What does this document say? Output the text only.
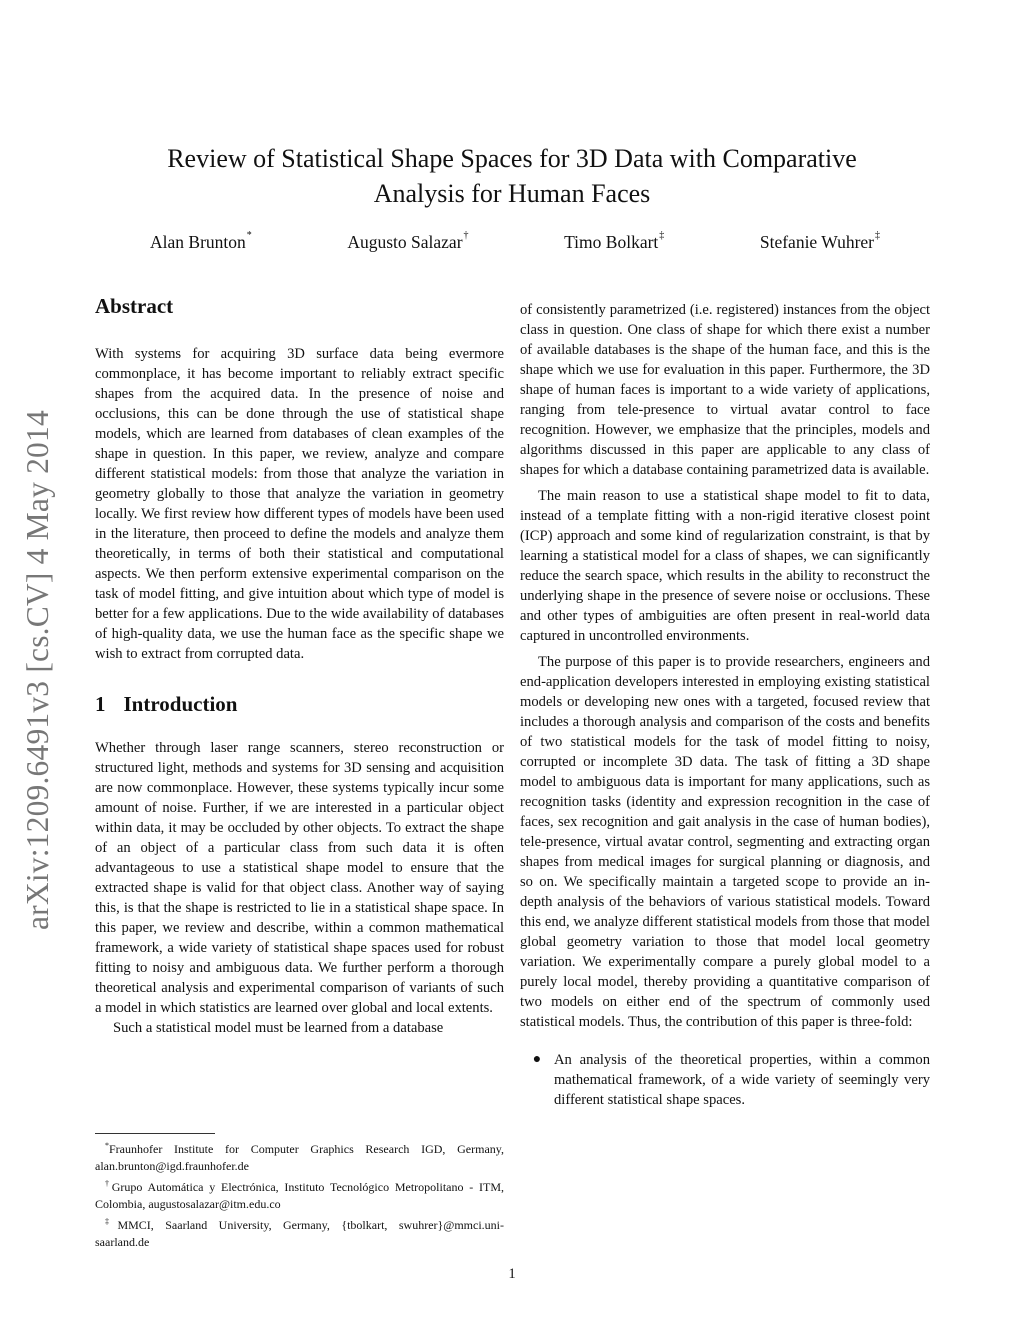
arXiv:1209.6491v3 [cs.CV] 4 May 2014
Review of Statistical Shape Spaces for 3D Data with Comparative
Analysis for Human Faces
Alan Brunton*	Augusto Salazar†	Timo Bolkart‡	Stefanie Wuhrer‡
Abstract

With systems for acquiring 3D surface data being evermore commonplace, it has become important to reliably extract specific shapes from the acquired data. In the presence of noise and occlusions, this can be done through the use of statistical shape models, which are learned from databases of clean examples of the shape in question. In this paper, we review, analyze and compare different statistical models: from those that analyze the variation in geometry globally to those that analyze the variation in geometry locally. We first review how different types of models have been used in the literature, then proceed to define the models and analyze them theoretically, in terms of both their statistical and computational aspects. We then perform extensive experimental comparison on the task of model fitting, and give intuition about which type of model is better for a few applications. Due to the wide availability of databases of high-quality data, we use the human face as the specific shape we wish to extract from corrupted data.

1 Introduction

Whether through laser range scanners, stereo reconstruction or structured light, methods and systems for 3D sensing and acquisition are now commonplace. However, these systems typically incur some amount of noise. Further, if we are interested in a particular object within data, it may be occluded by other objects. To extract the shape of an object of a particular class from such data it is often advantageous to use a statistical shape model to ensure that the extracted shape is valid for that object class. Another way of saying this, is that the shape is restricted to lie in a statistical shape space. In this paper, we review and describe, within a common mathematical framework, a wide variety of statistical shape spaces used for robust fitting to noisy and ambiguous data. We further perform a thorough theoretical analysis and experimental comparison of variants of such a model in which statistics are learned over global and local extents.

Such a statistical model must be learned from a database

*Fraunhofer Institute for Computer Graphics Research IGD, Germany, alan.brunton@igd.fraunhofer.de
†Grupo Automática y Electrónica, Instituto Tecnológico Metropolitano - ITM, Colombia, augustosalazar@itm.edu.co
‡MMCI, Saarland University, Germany, {tbolkart, swuhrer}@mmci.uni-saarland.de

of consistently parametrized (i.e. registered) instances from the object class in question. One class of shape for which there exist a number of available databases is the shape of the human face, and this is the shape which we use for evaluation in this paper. Furthermore, the 3D shape of human faces is important to a wide variety of applications, ranging from tele-presence to virtual avatar control to face recognition. However, we emphasize that the principles, models and algorithms discussed in this paper are applicable to any class of shapes for which a database containing parametrized data is available.

The main reason to use a statistical shape model to fit to data, instead of a template fitting with a non-rigid iterative closest point (ICP) approach and some kind of regularization constraint, is that by learning a statistical model for a class of shapes, we can significantly reduce the search space, which results in the ability to reconstruct the underlying shape in the presence of severe noise or occlusions. These and other types of ambiguities are often present in real-world data captured in uncontrolled environments.

The purpose of this paper is to provide researchers, engineers and end-application developers interested in employing existing statistical models or developing new ones with a targeted, focused review that includes a thorough analysis and comparison of the costs and benefits of two statistical models for the task of model fitting to noisy, corrupted or incomplete 3D data. The task of fitting a 3D shape model to ambiguous data is important for many applications, such as recognition tasks (identity and expression recognition in the case of faces, sex recognition and gait analysis in the case of human bodies), tele-presence, virtual avatar control, segmenting and extracting organ shapes from medical images for surgical planning or diagnosis, and so on. We specifically maintain a targeted scope to provide an in-depth analysis of the behaviors of various statistical models. Toward this end, we analyze different statistical models from those that model global geometry variation to those that model local geometry variation. We experimentally compare a purely global model to a purely local model, thereby providing a quantitative comparison of two models on either end of the spectrum of commonly used statistical models. Thus, the contribution of this paper is three-fold:

● An analysis of the theoretical properties, within a common mathematical framework, of a wide variety of seemingly very different statistical shape spaces.
1
